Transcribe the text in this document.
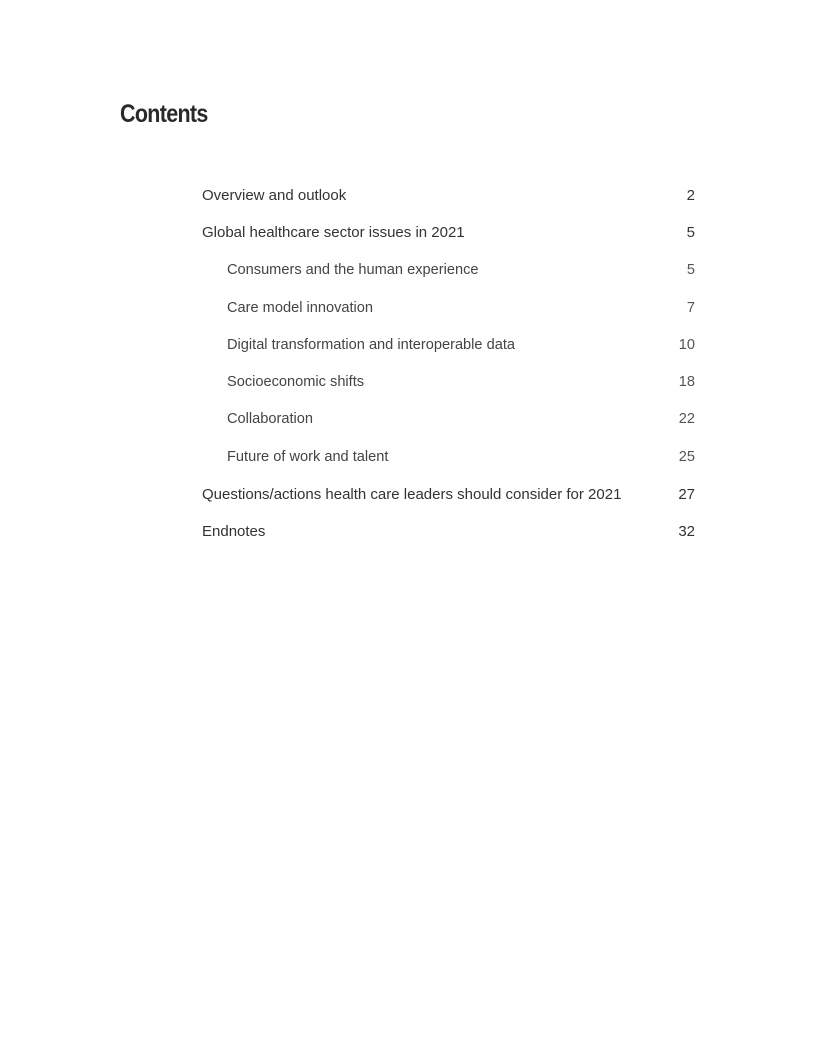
Contents
Overview and outlook	2
Global healthcare sector issues in 2021	5
Consumers and the human experience	5
Care model innovation	7
Digital transformation and interoperable data	10
Socioeconomic shifts	18
Collaboration	22
Future of work and talent	25
Questions/actions health care leaders should consider for 2021	27
Endnotes	32
